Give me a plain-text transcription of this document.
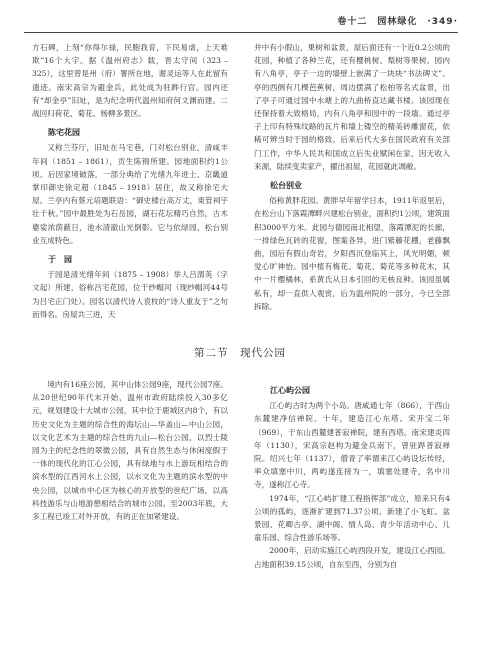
卷十二　园林绿化　·349·

方石碑，上刻“你得尔禄，民胞我育，下民易虐，上天难欺”16个大字。据《温州府志》载，晋太守间（323 – 325），这里曾是州（府）署所在地，谢灵运等人在此留有遗迹。南宋高宗为避金兵，此处成为驻跸行宫。园内还有“却金亭”旧址，是为纪念明代温州知府何文渊而建。二战回归荷花、菊花、杨柳多景区。

陈宅花园

又称兰芬厅，旧址在马宅巷，门对松台别业，清咸丰年间（1851 – 1861），贡生陈锦所建。园地面积约1公顷。后因家境破落，一部分典给了光绪九年进士、京畿道掌印御史徐定超（1845 – 1918）居住，故又称徐宅大屋。兰亭内有蔡元培题联语：“御史楼台高万丈，東管祠宇壮千秋。”园中最胜处为石岳园，湖石花坛精巧自然，古木婆娑浓荫蔽日，池水清澈山光倒影。它与依绿园、松台别业互成特色。

于　园

于园是清光绪年间（1875 – 1908）举人吕渭英（字文起）所建，俗称吕宅花园，位于纱帽河（现纱帽河44号为吕宅正门处）。园名以清代诗人袁枚的“诗人重友于”之句而得名。房屋共三进，天

井中有小假山，果树和盆景，屋后面还有一个近0.2公顷的花园，种植了各种兰花，还有樱桃树、梨树等果树。园内有八角亭，亭子一边的墙壁上嵌满了一块块“书法碑文”。亭的西侧有几棵芭蕉树，周边摆满了松柏等名式盆景，出了亭子可通过园中水塘上的九曲桥直达藏书楼。该园现在还保持着大致格局，内有八角亭和园中的一段墙。通过亭子上印有特殊纹路的瓦片和墙上镂空的精美砖雕窗花，依稀可辨当时于园的格致。后来后代大多在国民政府有关部门工作，中华人民共和国成立后失业赋闲在家，因无收入来源，陆续变卖家产，擢出祖屋，花园就此凋敝。

松台别业

俗称黄胖花园。黄胖早年留学日本，1911年返里后，在松台山下落霞潭畔兴建松台别业，面积约1公顷，建筑面积3000平方米。此园与德园南北相望，落霞潭泥的长廊，一排绿色瓦砖的花窗，图案各异，进门紫藤花棚，老藤飘曲，园后有假山奇岩，夕阳西沉登临其上，风光明媚，顿觉心旷神怡。园中植有梅花、菊花、菊花等多种花木，其中一片樱橘林，系黄氏从日本引回的无核良种。该园虽属私有，却一直供人观赏，后为温州院的一部分，今已全部拆除。

第二节　现代公园

境内有16座公园，其中山体公园9座，现代公园7座。从20世纪90年代末开始，温州市政府陆续投入30多亿元，规划建设十大城市公园，其中位于鹿城区内8个，有以历史文化为主题的综合性的海坛山—华盖山—中山公园，以文化艺术为主题的综合性的九山—松台公园，以烈士陵园为主的纪念性的翠微公园，具有自然生态与休闲度假于一体的现代化的江心公园，具有绿地与水上游玩相结合的滨水型的江西河水上公园，以水文化为主题的滨水型的中央公园，以城市中心区为核心的开放型的世纪广场，以高科技游乐与山地游憩相结合的城市公园。至2003年底，大多工程已竣工对外开放，有的正在加紧建设。

江心屿公园

江心屿古时为两个小岛。唐咸通七年（866），于西山东麓建净信禅院。十年，建造江心东塔。宋开宝二年（969），于东山西麓建普寂禅院，建有西塔。南宋建炎四年（1130），宋高宗赵构为避金兵南下，曾驻跸普寂禅院。绍兴七年（1137），僧青了率谓来江心屿设坛传经，率众填塞中川，两屿遂连接为一，填塞处建寺，名中川寺，遂称江心寺。

1974年，“江心屿扩建工程指挥部”成立，原来只有4公顷的孤屿，逐渐扩建到71.37公顷。新建了小飞虹、盆景园、花卿古亭、湖中阁、情人岛、青少年活动中心、儿童乐园、综合性游乐场等。

2000年，启动实施江心屿西段开发，建设江心西园。占地面积39.15公顷，自东至西，分别为自
